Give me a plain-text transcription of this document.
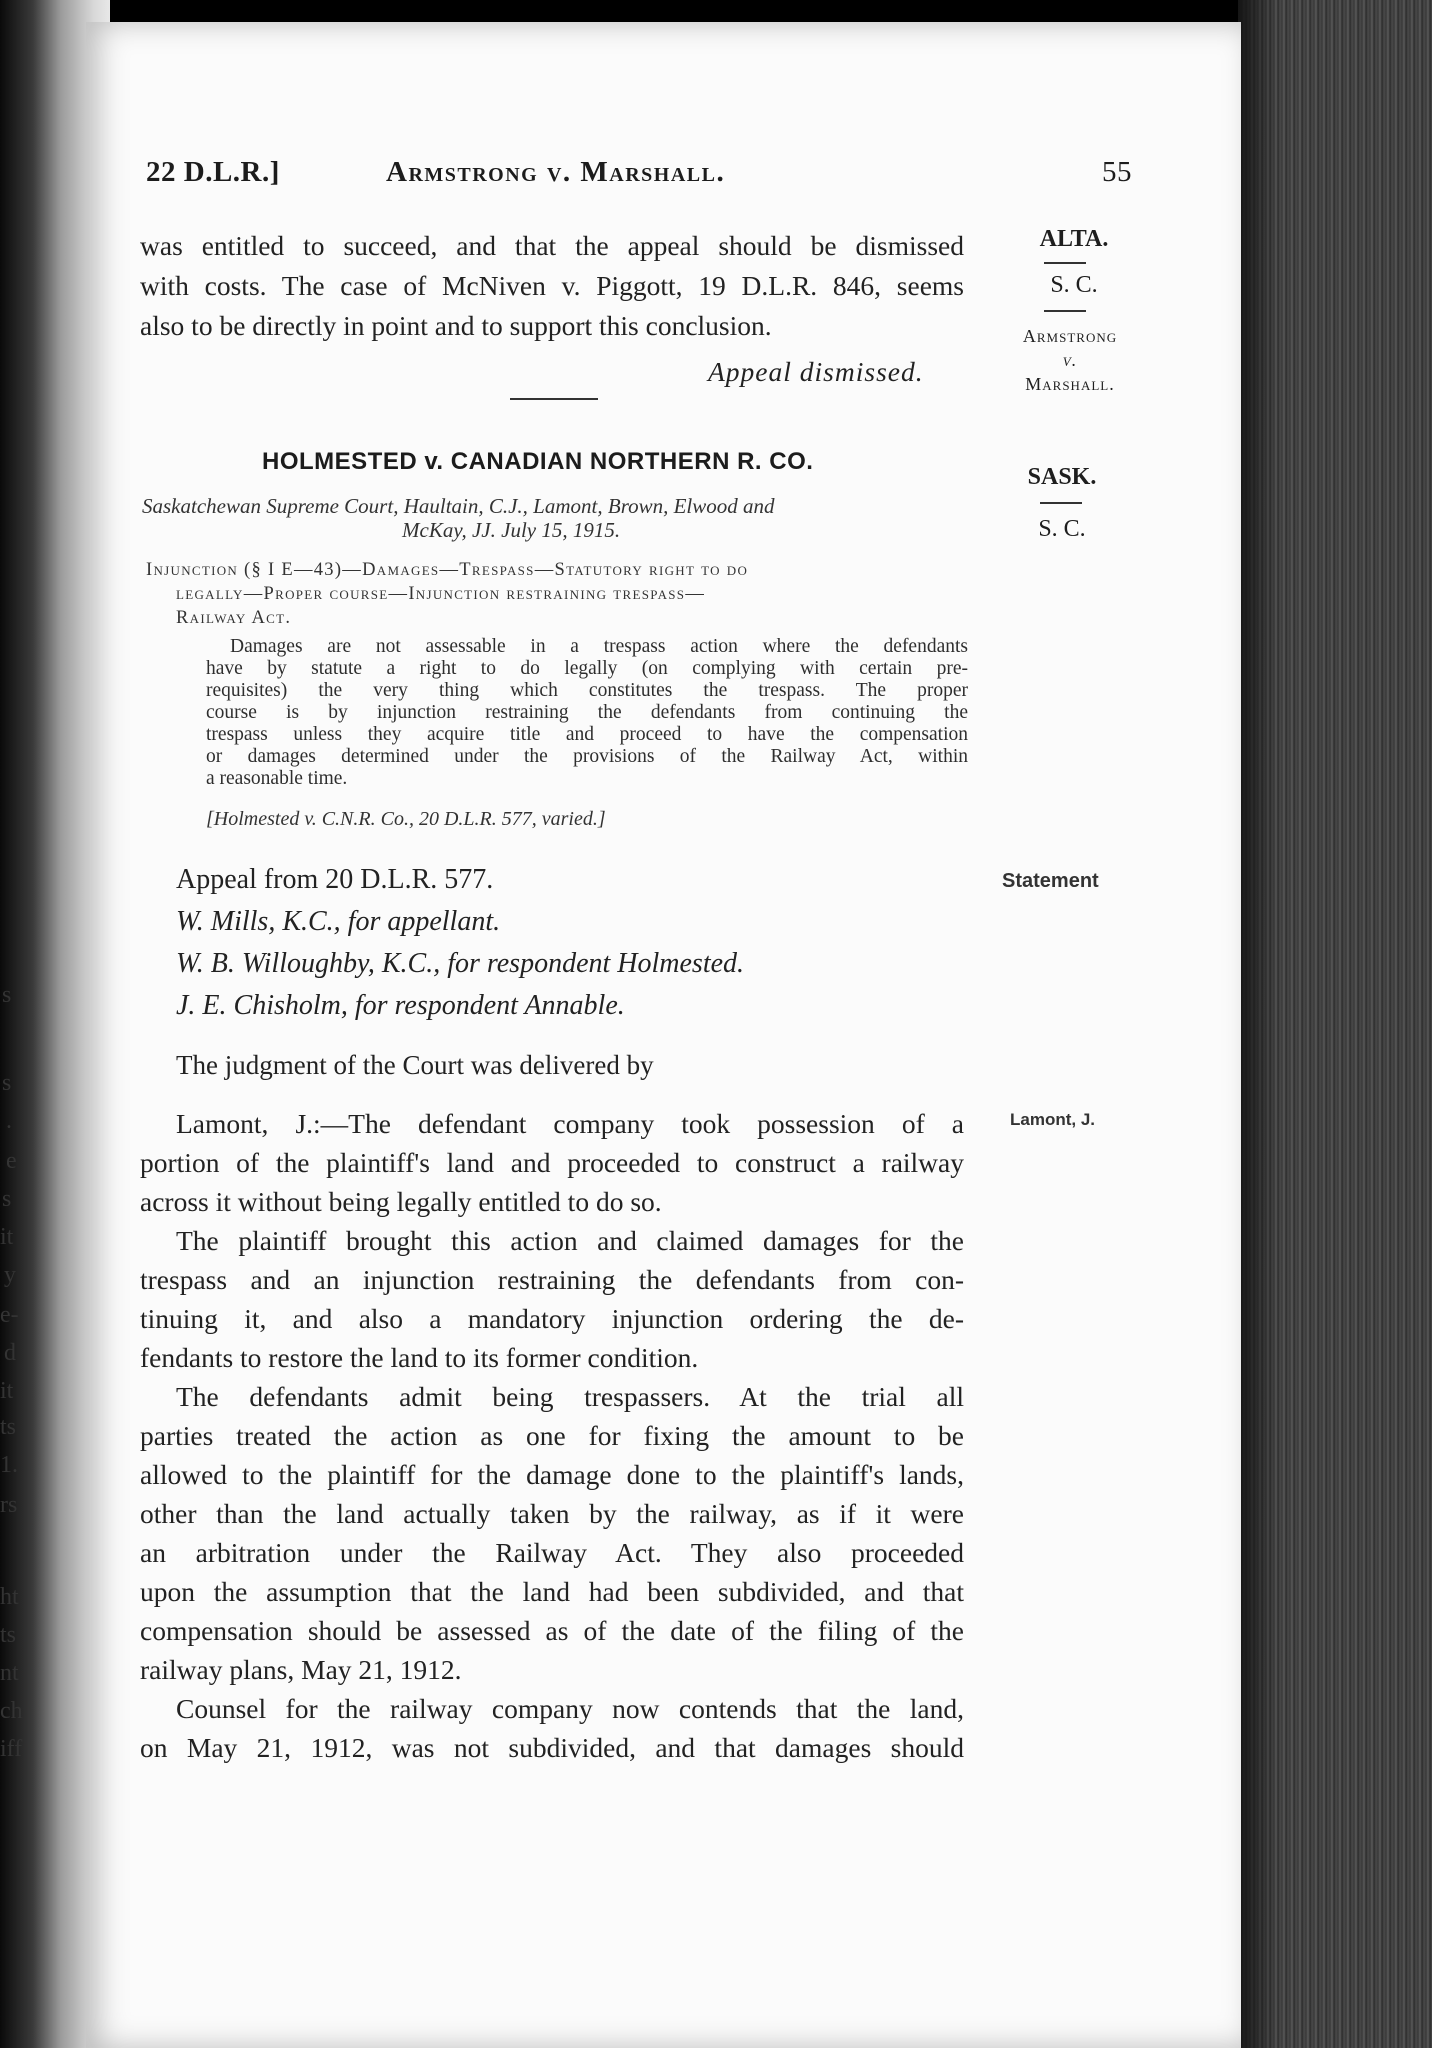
s
s
.
e
s
it
y
e-
d
it
ts
1.
rs
ht
ts
nt
ch
iff
22 D.L.R.]	Armstrong v. Marshall.	55
ALTA.
S. C.
Armstrong
v.
Marshall.
SASK.
S. C.
Statement
Lamont, J.
was entitled to succeed, and that the appeal should be dismissed
with costs. The case of McNiven v. Piggott, 19 D.L.R. 846, seems
also to be directly in point and to support this conclusion.
Appeal dismissed.
HOLMESTED v. CANADIAN NORTHERN R. CO.
Saskatchewan Supreme Court, Haultain, C.J., Lamont, Brown, Elwood and
McKay, JJ. July 15, 1915.
Injunction (§ I E—43)—Damages—Trespass—Statutory right to do
legally—Proper course—Injunction restraining trespass—
Railway Act.
Damages are not assessable in a trespass action where the defendants
have by statute a right to do legally (on complying with certain pre-
requisites) the very thing which constitutes the trespass. The proper
course is by injunction restraining the defendants from continuing the
trespass unless they acquire title and proceed to have the compensation
or damages determined under the provisions of the Railway Act, within
a reasonable time.
[Holmested v. C.N.R. Co., 20 D.L.R. 577, varied.]
Appeal from 20 D.L.R. 577.
W. Mills, K.C., for appellant.
W. B. Willoughby, K.C., for respondent Holmested.
J. E. Chisholm, for respondent Annable.
The judgment of the Court was delivered by
Lamont, J.:—The defendant company took possession of a
portion of the plaintiff's land and proceeded to construct a railway
across it without being legally entitled to do so.
The plaintiff brought this action and claimed damages for the
trespass and an injunction restraining the defendants from con-
tinuing it, and also a mandatory injunction ordering the de-
fendants to restore the land to its former condition.
The defendants admit being trespassers. At the trial all
parties treated the action as one for fixing the amount to be
allowed to the plaintiff for the damage done to the plaintiff's lands,
other than the land actually taken by the railway, as if it were
an arbitration under the Railway Act. They also proceeded
upon the assumption that the land had been subdivided, and that
compensation should be assessed as of the date of the filing of the
railway plans, May 21, 1912.
Counsel for the railway company now contends that the land,
on May 21, 1912, was not subdivided, and that damages should
